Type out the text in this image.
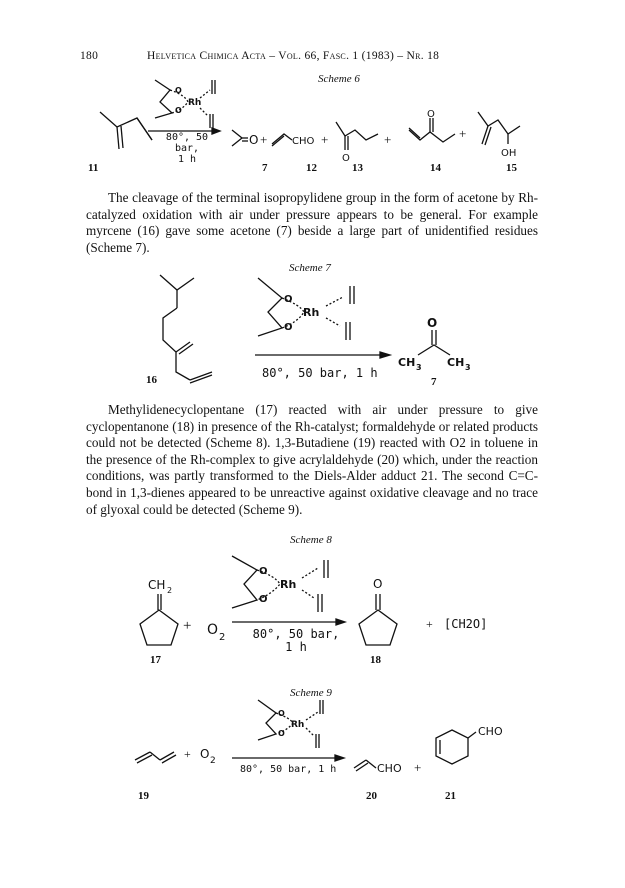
180	Helvetica Chimica Acta – Vol. 66, Fasc. 1 (1983) – Nr. 18
Scheme 6
O
O
Rh
O + CHO +
O
+
O
+
OH
80°, 50 bar,
1 h
11	7	12	13	14	15
The cleavage of the terminal isopropylidene group in the form of acetone by Rh-catalyzed oxidation with air under pressure appears to be general. For example myrcene (16) gave some acetone (7) beside a large part of unidentified residues (Scheme 7).
Scheme 7
O
O
Rh
O
CH 3 CH 3
80°, 50 bar, 1 h
16	7
Methylidenecyclopentane (17) reacted with air under pressure to give cyclopentanone (18) in presence of the Rh-catalyst; formaldehyde or related products could not be detected (Scheme 8). 1,3-Butadiene (19) reacted with O2 in toluene in the presence of the Rh-complex to give acrylaldehyde (20) which, under the reaction conditions, was partly transformed to the Diels-Alder adduct 21. The second C=C-bond in 1,3-dienes appeared to be unreactive against oxidative cleavage and no trace of glyoxal could be detected (Scheme 9).
Scheme 8
CH 2
+ O 2
O
O
Rh	O
+
80°, 50 bar,
1 h
[CH2O]
17	18
Scheme 9
+ O 2
O
O
Rh
CHO +
CHO
80°, 50 bar, 1 h
19	20	21
